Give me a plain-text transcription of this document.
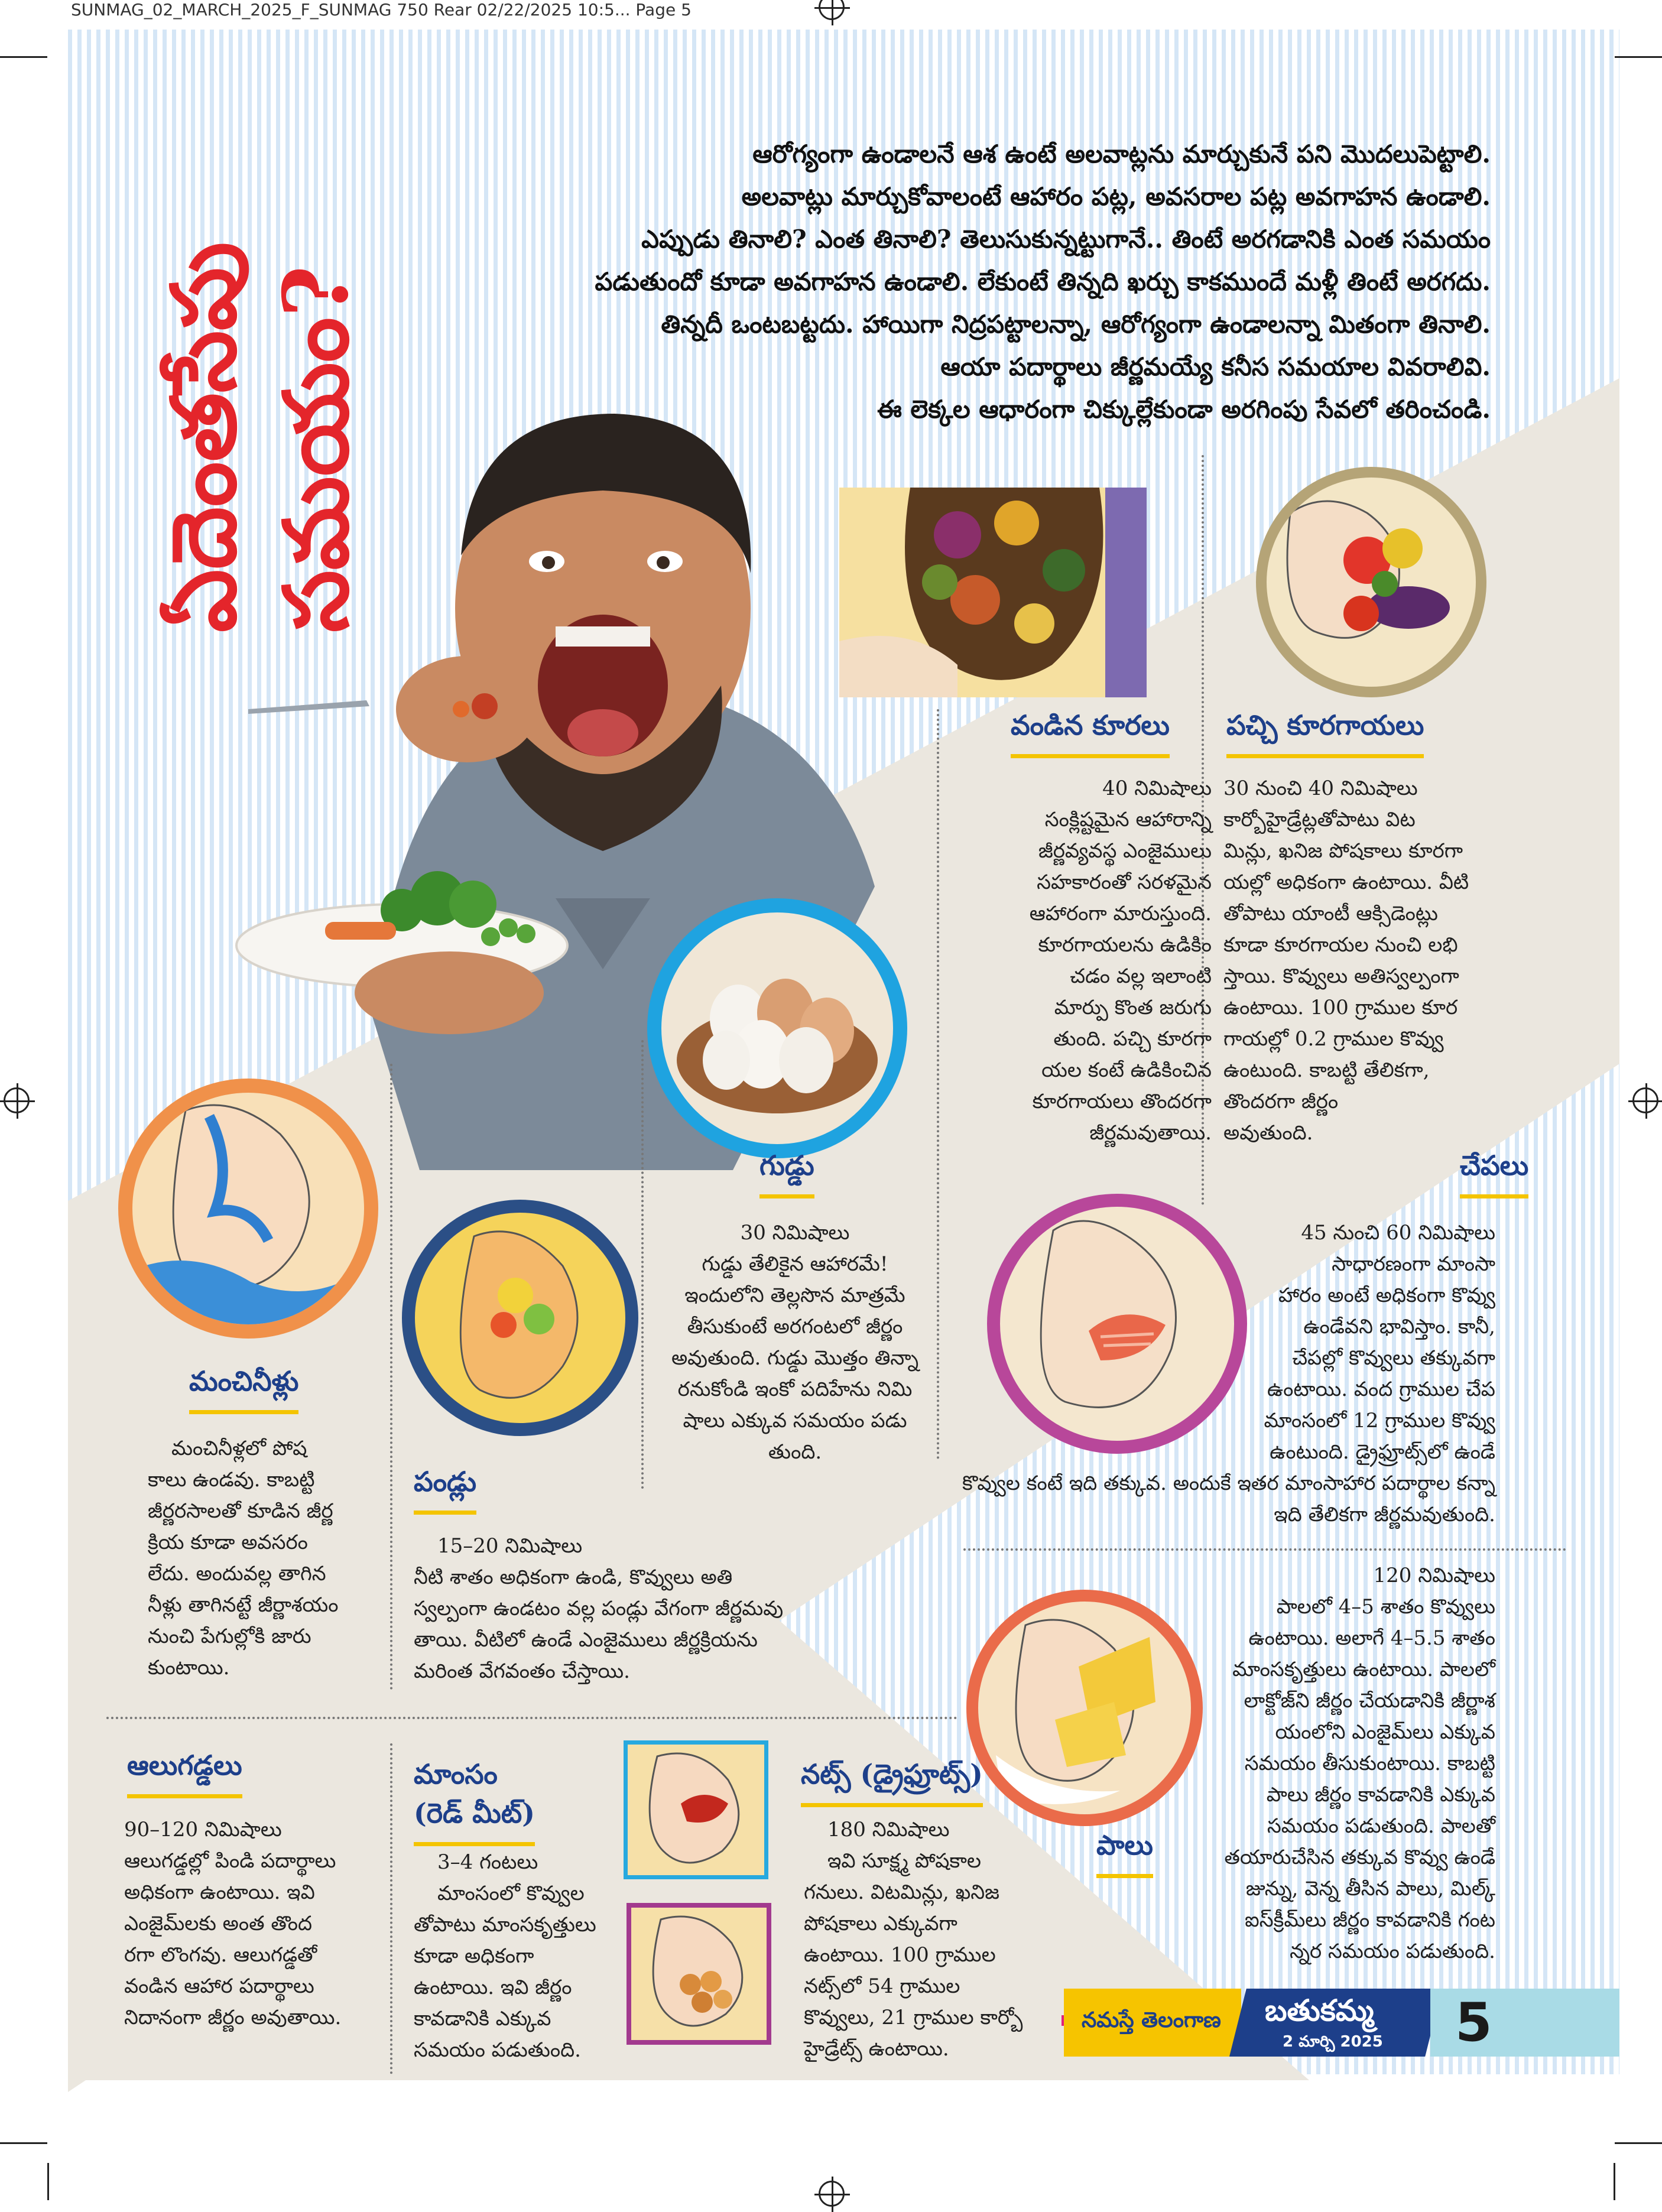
SUNMAG_02_MARCH_2025_F_SUNMAG 750 Rear 02/22/2025 10:5... Page 5
ఏదెంతసేపు సమయం?
ఆరోగ్యంగా ఉండాలనే ఆశ ఉంటే అలవాట్లను మార్చుకునే పని మొదలుపెట్టాలి.
అలవాట్లు మార్చుకోవాలంటే ఆహారం పట్ల, అవసరాల పట్ల అవగాహన ఉండాలి.
ఎప్పుడు తినాలి? ఎంత తినాలి? తెలుసుకున్నట్టుగానే.. తింటే అరగడానికి ఎంత సమయం
పడుతుందో కూడా అవగాహన ఉండాలి. లేకుంటే తిన్నది ఖర్చు కాకముందే మళ్లీ తింటే అరగదు.
తిన్నదీ ఒంటబట్టదు. హాయిగా నిద్రపట్టాలన్నా, ఆరోగ్యంగా ఉండాలన్నా మితంగా తినాలి.
ఆయా పదార్థాలు జీర్ణమయ్యే కనీస సమయాల వివరాలివి.
ఈ లెక్కల ఆధారంగా చిక్కుల్లేకుండా అరగింపు సేవలో తరించండి.
వండిన కూరలు
40 నిమిషాలు
సంక్లిష్టమైన ఆహారాన్ని
జీర్ణవ్యవస్థ ఎంజైములు
సహకారంతో సరళమైన
ఆహారంగా మారుస్తుంది.
కూరగాయలను ఉడికిం
చడం వల్ల ఇలాంటి
మార్పు కొంత జరుగు
తుంది. పచ్చి కూరగా
యల కంటే ఉడికించిన
కూరగాయలు తొందరగా
జీర్ణమవుతాయి.
పచ్చి కూరగాయలు
30 నుంచి 40 నిమిషాలు
కార్బోహైడ్రేట్లతోపాటు విట
మిన్లు, ఖనిజ పోషకాలు కూరగా
యల్లో అధికంగా ఉంటాయి. వీటి
తోపాటు యాంటీ ఆక్సిడెంట్లు
కూడా కూరగాయల నుంచి లభి
స్తాయి. కొవ్వులు అతిస్వల్పంగా
ఉంటాయి. 100 గ్రాముల కూర
గాయల్లో 0.2 గ్రాముల కొవ్వు
ఉంటుంది. కాబట్టి తేలికగా,
తొందరగా జీర్ణం
అవుతుంది.
గుడ్డు
30 నిమిషాలు
గుడ్డు తేలికైన ఆహారమే!
ఇందులోని తెల్లసొన మాత్రమే
తీసుకుంటే అరగంటలో జీర్ణం
అవుతుంది. గుడ్డు మొత్తం తిన్నా
రనుకోండి ఇంకో పదిహేను నిమి
షాలు ఎక్కువ సమయం పడు
తుంది.
చేపలు
45 నుంచి 60 నిమిషాలు
సాధారణంగా మాంసా
హారం అంటే అధికంగా కొవ్వు
ఉండేవని భావిస్తాం. కానీ,
చేపల్లో కొవ్వులు తక్కువగా
ఉంటాయి. వంద గ్రాముల చేప
మాంసంలో 12 గ్రాముల కొవ్వు
ఉంటుంది. డ్రైఫ్రూట్స్‌లో ఉండే
కొవ్వుల కంటే ఇది తక్కువ. అందుకే ఇతర మాంసాహార పదార్థాల కన్నా
ఇది తేలికగా జీర్ణమవుతుంది.
మంచినీళ్లు
మంచినీళ్లలో పోష
కాలు ఉండవు. కాబట్టి
జీర్ణరసాలతో కూడిన జీర్ణ
క్రియ కూడా అవసరం
లేదు. అందువల్ల తాగిన
నీళ్లు తాగినట్టే జీర్ణాశయం
నుంచి పేగుల్లోకి జారు
కుంటాయి.
పండ్లు
15–20 నిమిషాలు
నీటి శాతం అధికంగా ఉండి, కొవ్వులు అతి
స్వల్పంగా ఉండటం వల్ల పండ్లు వేగంగా జీర్ణమవు
తాయి. వీటిలో ఉండే ఎంజైములు జీర్ణక్రియను
మరింత వేగవంతం చేస్తాయి.
పాలు
120 నిమిషాలు
పాలలో 4–5 శాతం కొవ్వులు
ఉంటాయి. అలాగే 4–5.5 శాతం
మాంసకృత్తులు ఉంటాయి. పాలలో
లాక్టోజ్‌ని జీర్ణం చేయడానికి జీర్ణాశ
యంలోని ఎంజైమ్‌లు ఎక్కువ
సమయం తీసుకుంటాయి. కాబట్టి
పాలు జీర్ణం కావడానికి ఎక్కువ
సమయం పడుతుంది. పాలతో
తయారుచేసిన తక్కువ కొవ్వు ఉండే
జున్ను, వెన్న తీసిన పాలు, మిల్క్
ఐస్‌క్రీమ్‌లు జీర్ణం కావడానికి గంట
న్నర సమయం పడుతుంది.
ఆలుగడ్డలు
90–120 నిమిషాలు
ఆలుగడ్డల్లో పిండి పదార్థాలు
అధికంగా ఉంటాయి. ఇవి
ఎంజైమ్‌లకు అంత తొంద
రగా లొంగవు. ఆలుగడ్డతో
వండిన ఆహార పదార్థాలు
నిదానంగా జీర్ణం అవుతాయి.
మాంసం
(రెడ్ మీట్)
3–4 గంటలు
మాంసంలో కొవ్వుల
తోపాటు మాంసకృత్తులు
కూడా అధికంగా
ఉంటాయి. ఇవి జీర్ణం
కావడానికి ఎక్కువ
సమయం పడుతుంది.
నట్స్ (డ్రైఫ్రూట్స్)
180 నిమిషాలు
ఇవి సూక్ష్మ పోషకాల
గనులు. విటమిన్లు, ఖనిజ
పోషకాలు ఎక్కువగా
ఉంటాయి. 100 గ్రాముల
నట్స్‌లో 54 గ్రాముల
కొవ్వులు, 21 గ్రాముల కార్బో
హైడ్రేట్స్ ఉంటాయి.
నమస్తే తెలంగాణ బతుకమ్మ
2 మార్చి 2025 5
